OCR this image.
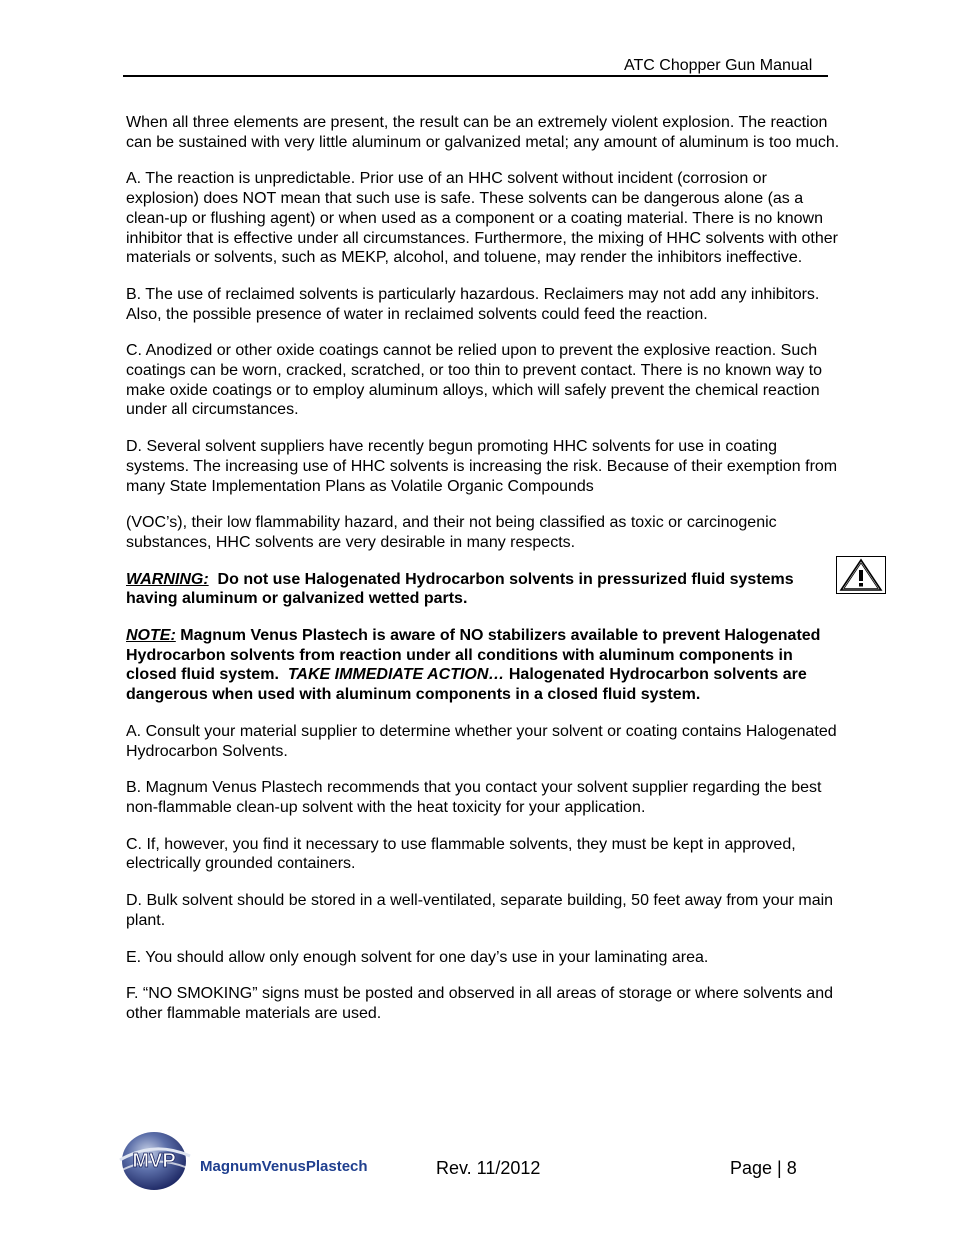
ATC Chopper Gun Manual

When all three elements are present, the result can be an extremely violent explosion. The reaction can be sustained with very little aluminum or galvanized metal; any amount of aluminum is too much.

A. The reaction is unpredictable. Prior use of an HHC solvent without incident (corrosion or explosion) does NOT mean that such use is safe. These solvents can be dangerous alone (as a clean-up or flushing agent) or when used as a component or a coating material. There is no known inhibitor that is effective under all circumstances. Furthermore, the mixing of HHC solvents with other materials or solvents, such as MEKP, alcohol, and toluene, may render the inhibitors ineffective.

B. The use of reclaimed solvents is particularly hazardous. Reclaimers may not add any inhibitors. Also, the possible presence of water in reclaimed solvents could feed the reaction.

C. Anodized or other oxide coatings cannot be relied upon to prevent the explosive reaction. Such coatings can be worn, cracked, scratched, or too thin to prevent contact. There is no known way to make oxide coatings or to employ aluminum alloys, which will safely prevent the chemical reaction under all circumstances.

D. Several solvent suppliers have recently begun promoting HHC solvents for use in coating systems. The increasing use of HHC solvents is increasing the risk. Because of their exemption from many State Implementation Plans as Volatile Organic Compounds

(VOC’s), their low flammability hazard, and their not being classified as toxic or carcinogenic substances, HHC solvents are very desirable in many respects.

WARNING: Do not use Halogenated Hydrocarbon solvents in pressurized fluid systems having aluminum or galvanized wetted parts.

NOTE: Magnum Venus Plastech is aware of NO stabilizers available to prevent Halogenated Hydrocarbon solvents from reaction under all conditions with aluminum components in closed fluid system. TAKE IMMEDIATE ACTION… Halogenated Hydrocarbon solvents are dangerous when used with aluminum components in a closed fluid system.

A. Consult your material supplier to determine whether your solvent or coating contains Halogenated Hydrocarbon Solvents.

B. Magnum Venus Plastech recommends that you contact your solvent supplier regarding the best non-flammable clean-up solvent with the heat toxicity for your application.

C. If, however, you find it necessary to use flammable solvents, they must be kept in approved, electrically grounded containers.

D. Bulk solvent should be stored in a well-ventilated, separate building, 50 feet away from your main plant.

E. You should allow only enough solvent for one day’s use in your laminating area.

F. “NO SMOKING” signs must be posted and observed in all areas of storage or where solvents and other flammable materials are used.

MVP MagnumVenusPlastech	Rev. 11/2012	Page | 8
